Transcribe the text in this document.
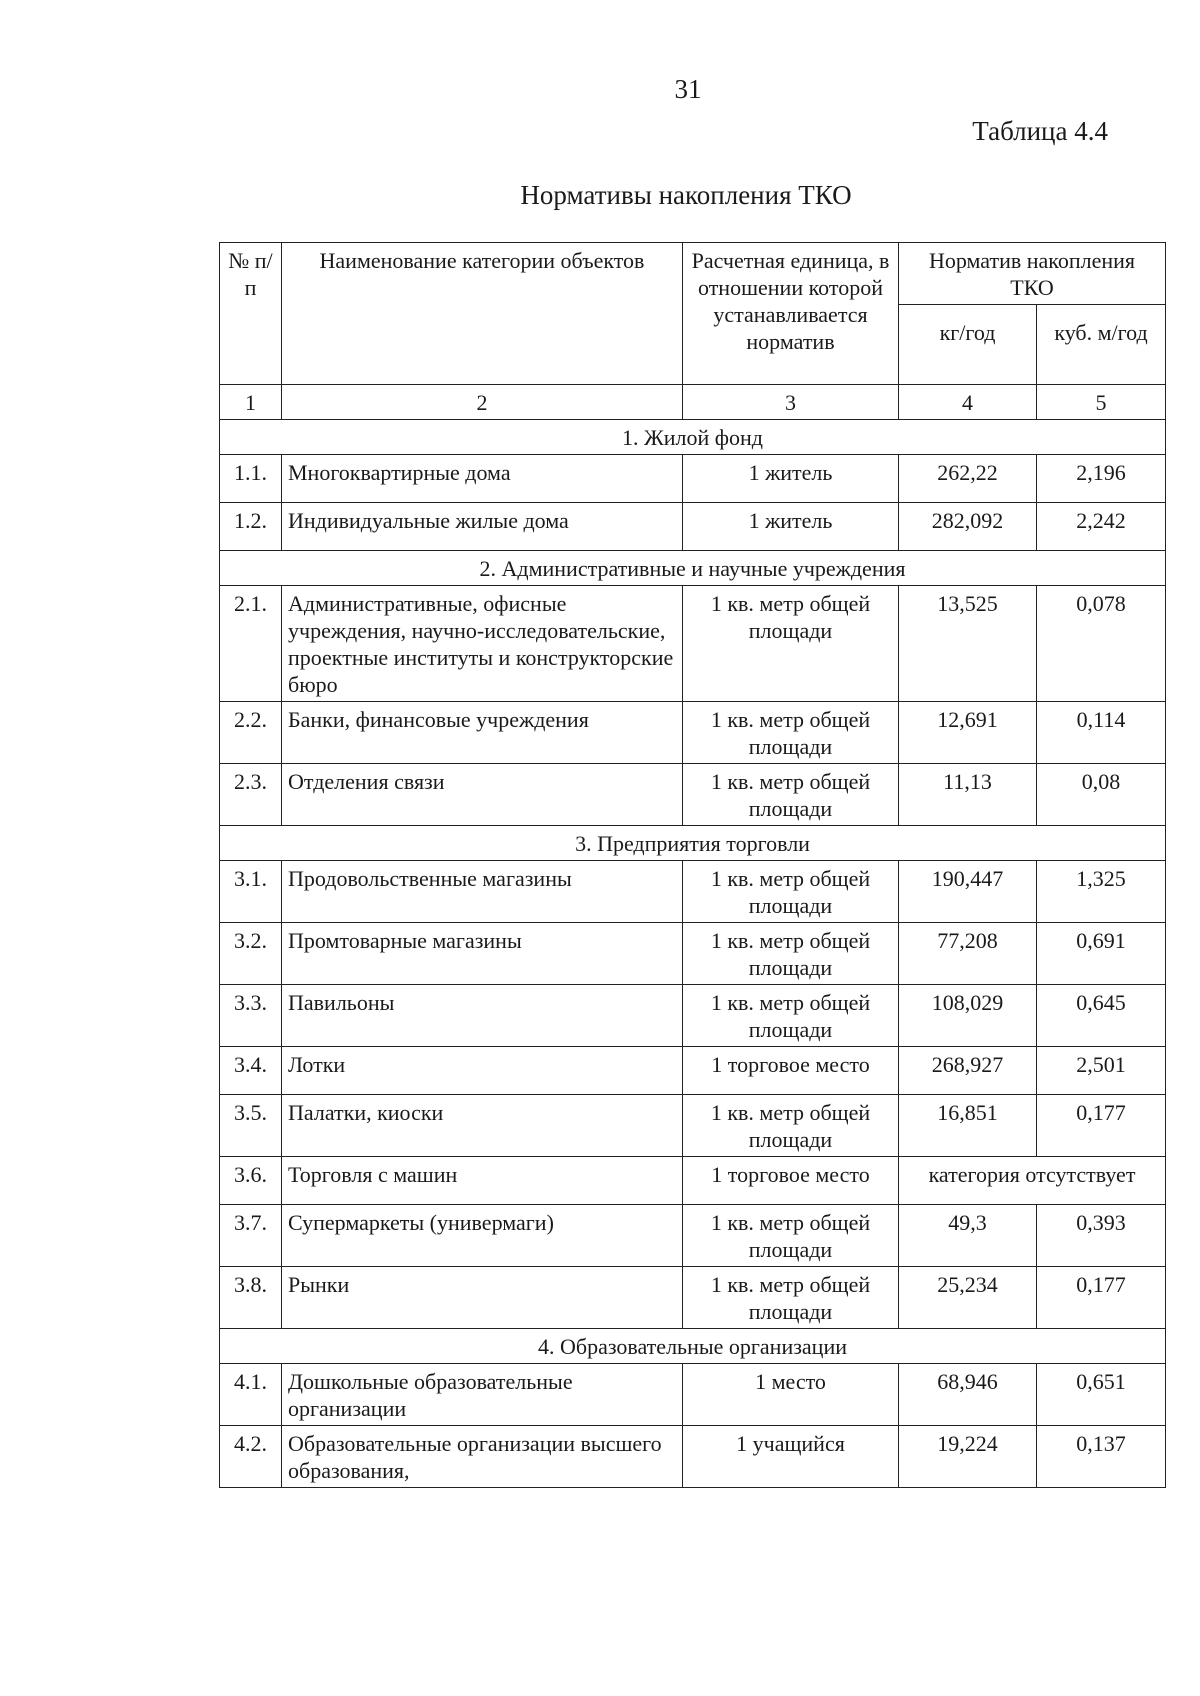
31
Таблица 4.4
Нормативы накопления ТКО
№ п/п	Наименование категории объектов	Расчетная единица, в отношении которой устанавливается норматив	Норматив накопления ТКО	
			кг/год	куб. м/год
1	2	3	4	5
1. Жилой фонд				
1.1.	Многоквартирные дома	1 житель	262,22	2,196
1.2.	Индивидуальные жилые дома	1 житель	282,092	2,242
2. Административные и научные учреждения				
2.1.	Административные, офисные учреждения, научно-исследовательские, проектные институты и конструкторские бюро	1 кв. метр общей площади	13,525	0,078
2.2.	Банки, финансовые учреждения	1 кв. метр общей площади	12,691	0,114
2.3.	Отделения связи	1 кв. метр общей площади	11,13	0,08
3. Предприятия торговли				
3.1.	Продовольственные магазины	1 кв. метр общей площади	190,447	1,325
3.2.	Промтоварные магазины	1 кв. метр общей площади	77,208	0,691
3.3.	Павильоны	1 кв. метр общей площади	108,029	0,645
3.4.	Лотки	1 торговое место	268,927	2,501
3.5.	Палатки, киоски	1 кв. метр общей площади	16,851	0,177
3.6.	Торговля с машин	1 торговое место	категория отсутствует	
3.7.	Супермаркеты (универмаги)	1 кв. метр общей площади	49,3	0,393
3.8.	Рынки	1 кв. метр общей площади	25,234	0,177
4. Образовательные организации				
4.1.	Дошкольные образовательные организации	1 место	68,946	0,651
4.2.	Образовательные организации высшего образования,	1 учащийся	19,224	0,137
